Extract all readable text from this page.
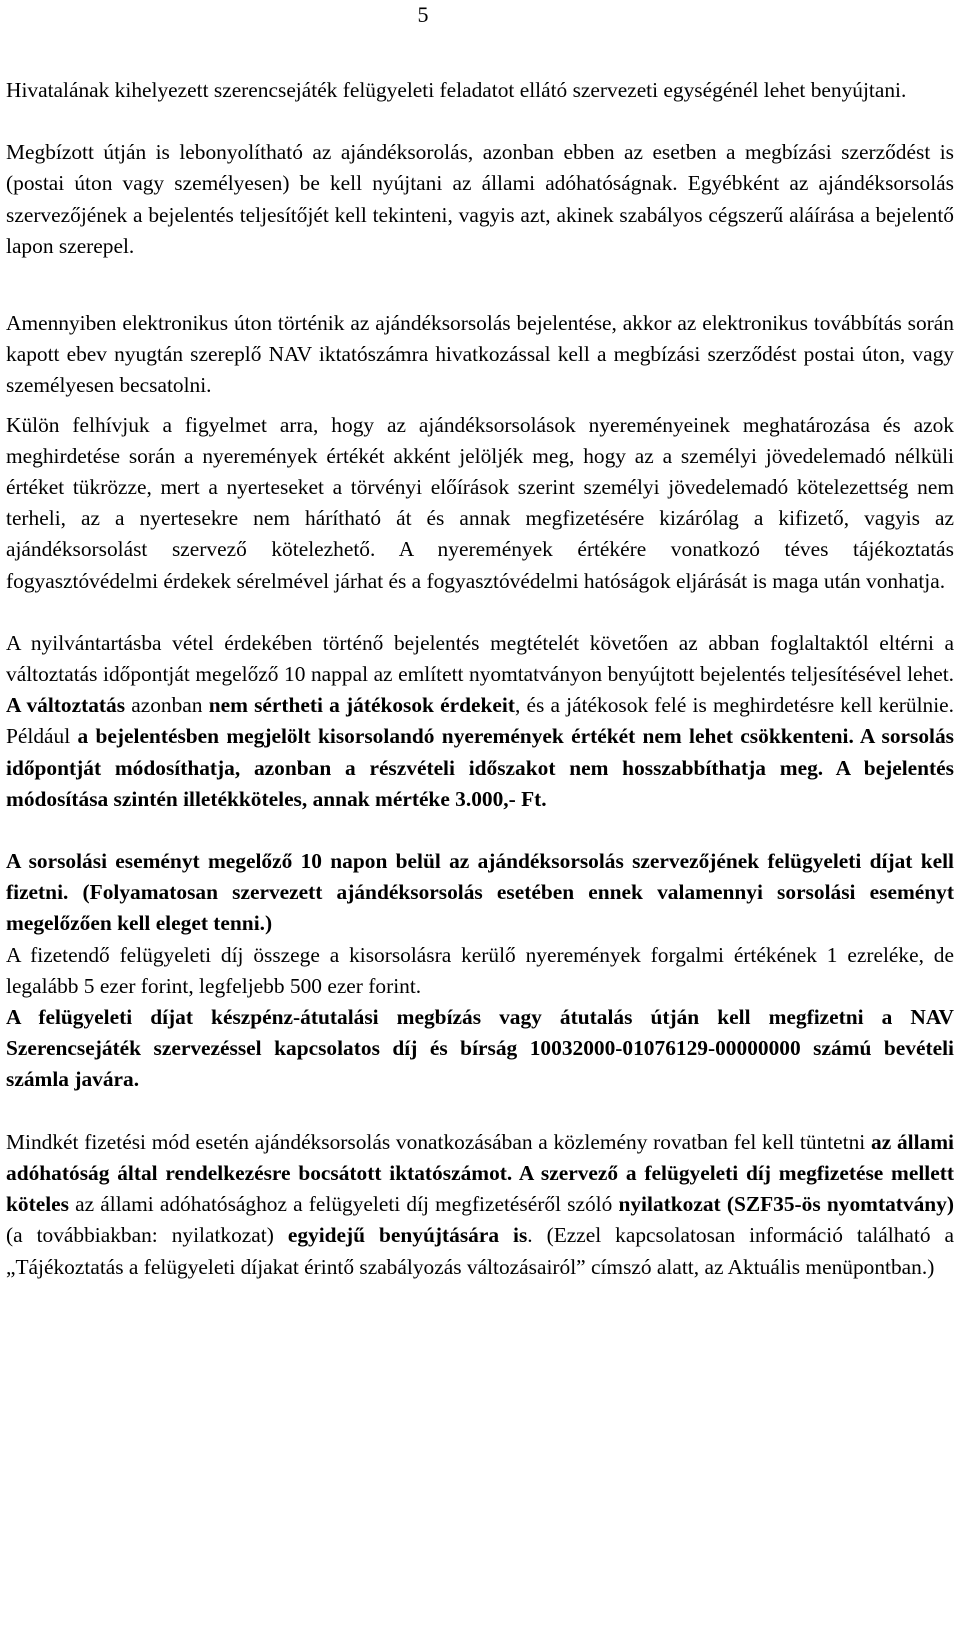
5

Hivatalának kihelyezett szerencsejáték felügyeleti feladatot ellátó szervezeti egységénél lehet benyújtani.

Megbízott útján is lebonyolítható az ajándéksorolás, azonban ebben az esetben a megbízási szerződést is (postai úton vagy személyesen) be kell nyújtani az állami adóhatóságnak. Egyébként az ajándéksorsolás szervezőjének a bejelentés teljesítőjét kell tekinteni, vagyis azt, akinek szabályos cégszerű aláírása a bejelentő lapon szerepel.

Amennyiben elektronikus úton történik az ajándéksorsolás bejelentése, akkor az elektronikus továbbítás során kapott ebev nyugtán szereplő NAV iktatószámra hivatkozással kell a megbízási szerződést postai úton, vagy személyesen becsatolni.

Külön felhívjuk a figyelmet arra, hogy az ajándéksorsolások nyereményeinek meghatározása és azok meghirdetése során a nyeremények értékét akként jelöljék meg, hogy az a személyi jövedelemadó nélküli értéket tükrözze, mert a nyerteseket a törvényi előírások szerint személyi jövedelemadó kötelezettség nem terheli, az a nyertesekre nem hárítható át és annak megfizetésére kizárólag a kifizető, vagyis az ajándéksorsolást szervező kötelezhető. A nyeremények értékére vonatkozó téves tájékoztatás fogyasztóvédelmi érdekek sérelmével járhat és a fogyasztóvédelmi hatóságok eljárását is maga után vonhatja.

A nyilvántartásba vétel érdekében történő bejelentés megtételét követően az abban foglaltaktól eltérni a változtatás időpontját megelőző 10 nappal az említett nyomtatványon benyújtott bejelentés teljesítésével lehet. A változtatás azonban nem sértheti a játékosok érdekeit, és a játékosok felé is meghirdetésre kell kerülnie. Például a bejelentésben megjelölt kisorsolandó nyeremények értékét nem lehet csökkenteni. A sorsolás időpontját módosíthatja, azonban a részvételi időszakot nem hosszabbíthatja meg. A bejelentés módosítása szintén illetékköteles, annak mértéke 3.000,- Ft.

A sorsolási eseményt megelőző 10 napon belül az ajándéksorsolás szervezőjének felügyeleti díjat kell fizetni. (Folyamatosan szervezett ajándéksorsolás esetében ennek valamennyi sorsolási eseményt megelőzően kell eleget tenni.)

A fizetendő felügyeleti díj összege a kisorsolásra kerülő nyeremények forgalmi értékének 1 ezreléke, de legalább 5 ezer forint, legfeljebb 500 ezer forint.

A felügyeleti díjat készpénz-átutalási megbízás vagy átutalás útján kell megfizetni a NAV Szerencsejáték szervezéssel kapcsolatos díj és bírság 10032000-01076129-00000000 számú bevételi számla javára.

Mindkét fizetési mód esetén ajándéksorsolás vonatkozásában a közlemény rovatban fel kell tüntetni az állami adóhatóság által rendelkezésre bocsátott iktatószámot. A szervező a felügyeleti díj megfizetése mellett köteles az állami adóhatósághoz a felügyeleti díj megfizetéséről szóló nyilatkozat (SZF35-ös nyomtatvány) (a továbbiakban: nyilatkozat) egyidejű benyújtására is. (Ezzel kapcsolatosan információ található a „Tájékoztatás a felügyeleti díjakat érintő szabályozás változásairól” címszó alatt, az Aktuális menüpontban.)
